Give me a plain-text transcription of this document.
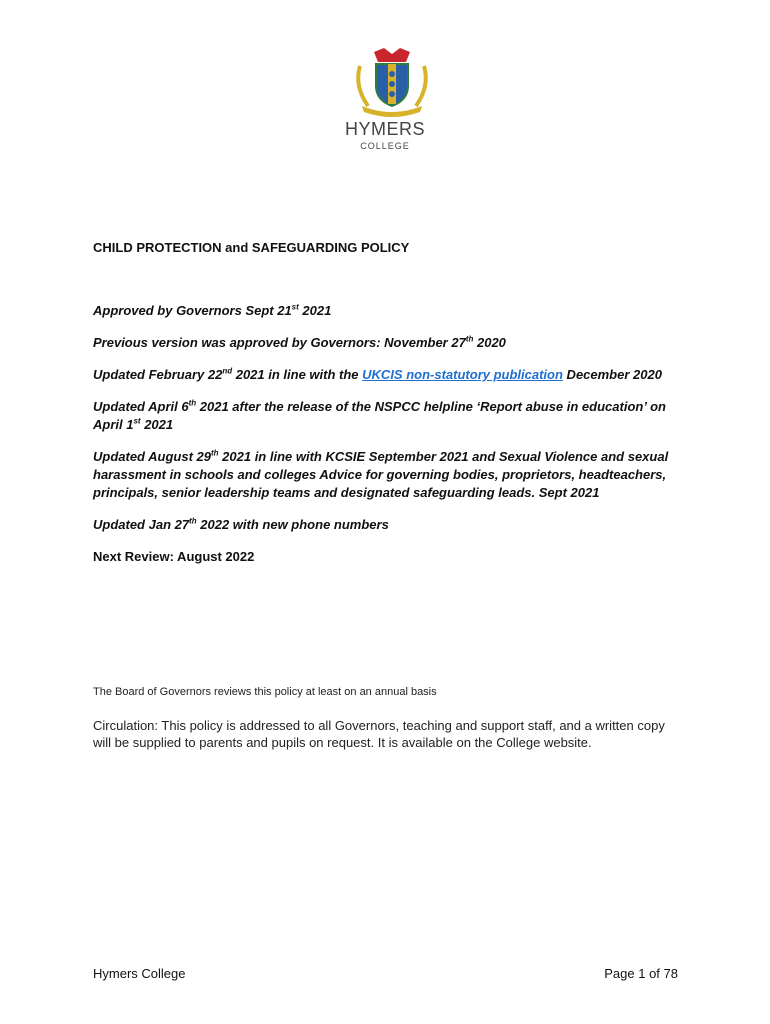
HYMERS
COLLEGE
CHILD PROTECTION and SAFEGUARDING POLICY

Approved by Governors Sept 21st 2021

Previous version was approved by Governors: November 27th 2020

Updated February 22nd 2021 in line with the UKCIS non-statutory publication December 2020

Updated April 6th 2021 after the release of the NSPCC helpline ‘Report abuse in education’ on April 1st 2021

Updated August 29th 2021 in line with KCSIE September 2021 and Sexual Violence and sexual harassment in schools and colleges Advice for governing bodies, proprietors, headteachers, principals, senior leadership teams and designated safeguarding leads. Sept 2021

Updated Jan 27th 2022 with new phone numbers

Next Review: August 2022

The Board of Governors reviews this policy at least on an annual basis
Circulation: This policy is addressed to all Governors, teaching and support staff, and a written copy will be supplied to parents and pupils on request. It is available on the College website.
Hymers College	Page 1 of 78
